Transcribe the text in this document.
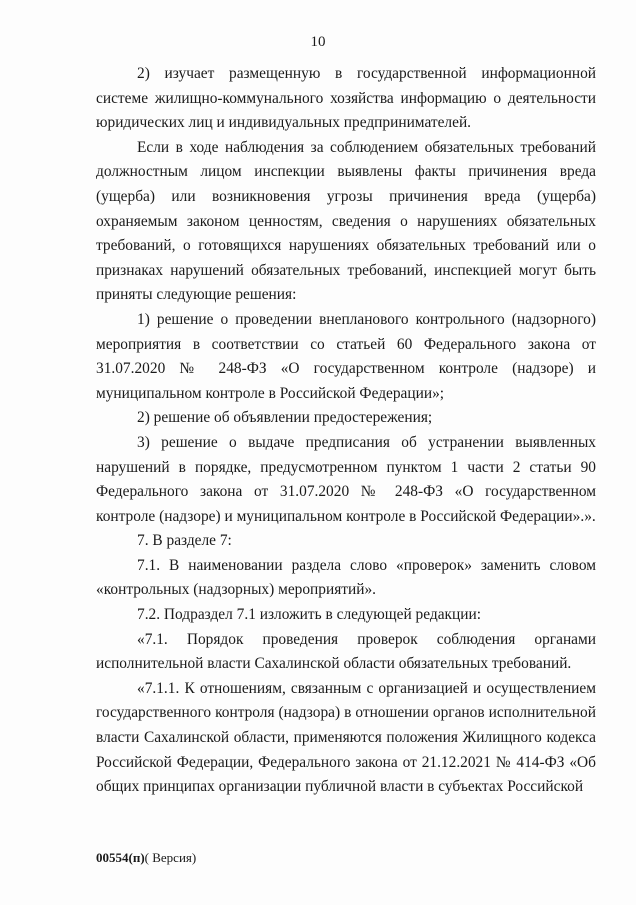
10

2) изучает размещенную в государственной информационной системе жилищно-коммунального хозяйства информацию о деятельности юридических лиц и индивидуальных предпринимателей.

Если в ходе наблюдения за соблюдением обязательных требований должностным лицом инспекции выявлены факты причинения вреда (ущерба) или возникновения угрозы причинения вреда (ущерба) охраняемым законом ценностям, сведения о нарушениях обязательных требований, о готовящихся нарушениях обязательных требований или о признаках нарушений обязательных требований, инспекцией могут быть приняты следующие решения:

1) решение о проведении внепланового контрольного (надзорного) мероприятия в соответствии со статьей 60 Федерального закона от 31.07.2020 № 248-ФЗ «О государственном контроле (надзоре) и муниципальном контроле в Российской Федерации»;

2) решение об объявлении предостережения;

3) решение о выдаче предписания об устранении выявленных нарушений в порядке, предусмотренном пунктом 1 части 2 статьи 90 Федерального закона от 31.07.2020 № 248-ФЗ «О государственном контроле (надзоре) и муниципальном контроле в Российской Федерации».».

7. В разделе 7:

7.1. В наименовании раздела слово «проверок» заменить словом «контрольных (надзорных) мероприятий».

7.2. Подраздел 7.1 изложить в следующей редакции:

«7.1. Порядок проведения проверок соблюдения органами исполнительной власти Сахалинской области обязательных требований.

«7.1.1. К отношениям, связанным с организацией и осуществлением государственного контроля (надзора) в отношении органов исполнительной власти Сахалинской области, применяются положения Жилищного кодекса Российской Федерации, Федерального закона от 21.12.2021 № 414-ФЗ «Об общих принципах организации публичной власти в субъектах Российской

00554(п)( Версия)
